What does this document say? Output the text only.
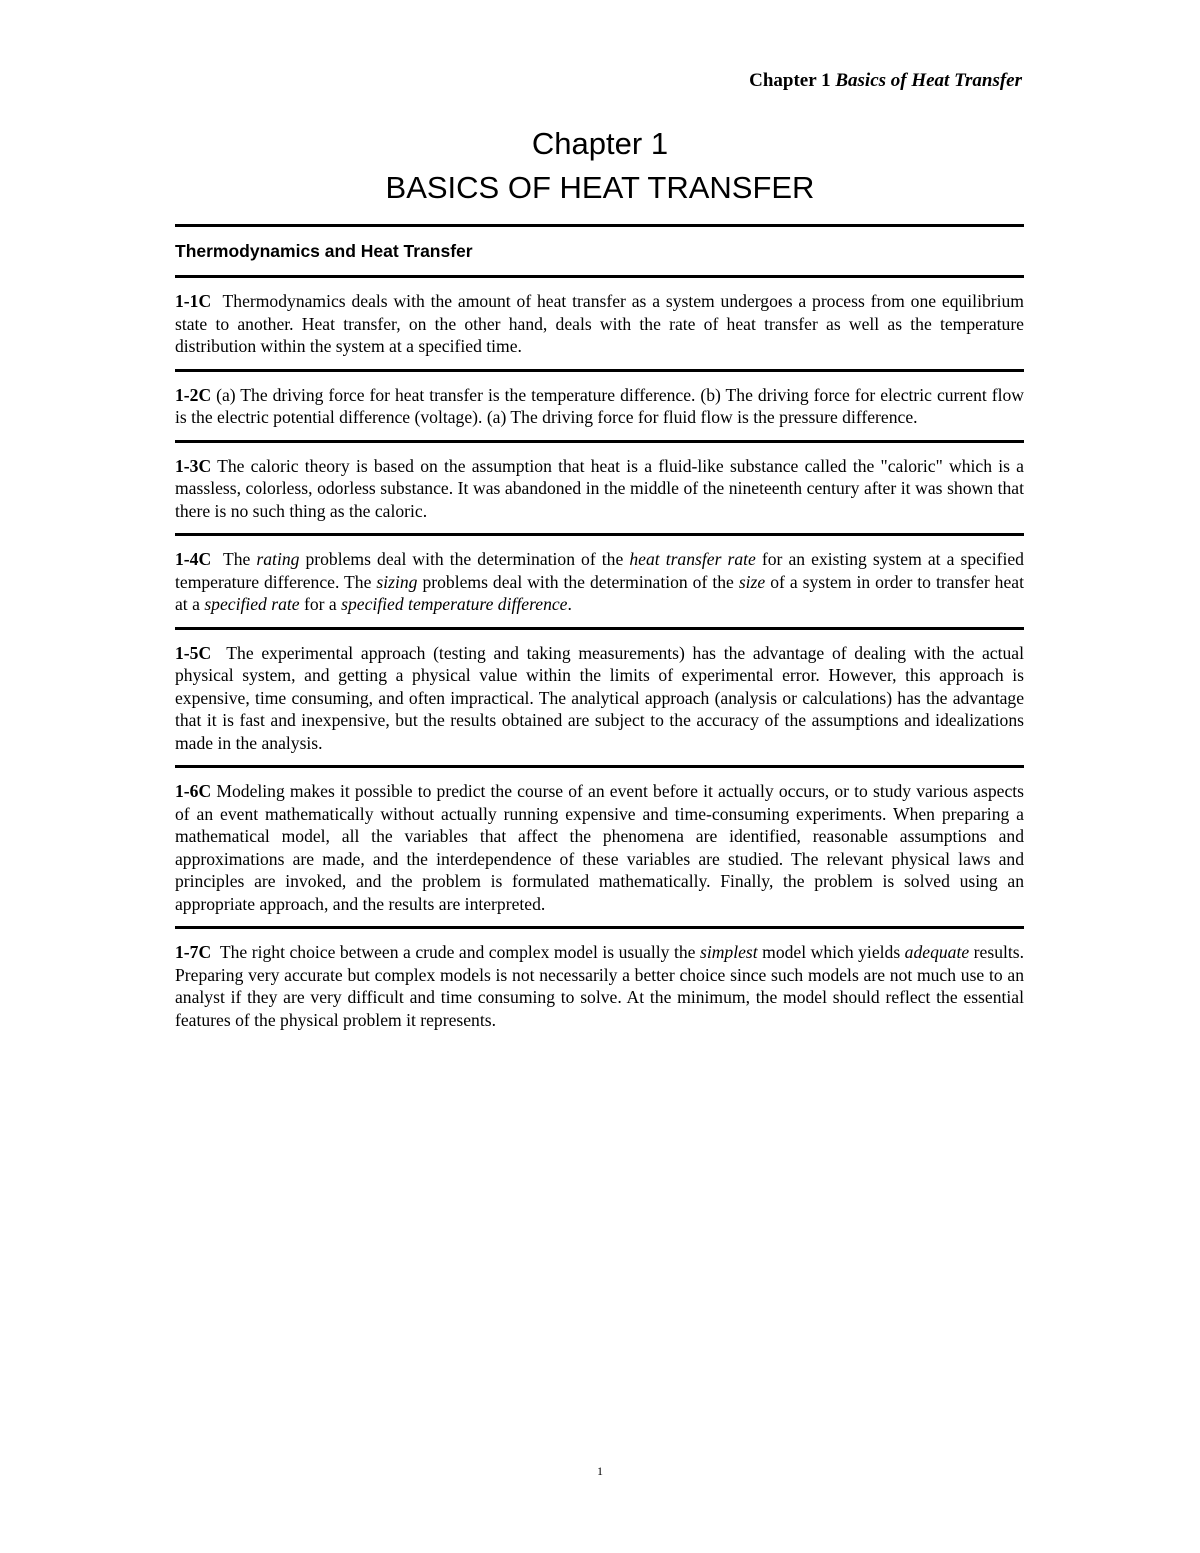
Chapter 1 Basics of Heat Transfer
Chapter 1
BASICS OF HEAT TRANSFER
Thermodynamics and Heat Transfer
1-1C Thermodynamics deals with the amount of heat transfer as a system undergoes a process from one equilibrium state to another. Heat transfer, on the other hand, deals with the rate of heat transfer as well as the temperature distribution within the system at a specified time.
1-2C (a) The driving force for heat transfer is the temperature difference. (b) The driving force for electric current flow is the electric potential difference (voltage). (a) The driving force for fluid flow is the pressure difference.
1-3C The caloric theory is based on the assumption that heat is a fluid-like substance called the "caloric" which is a massless, colorless, odorless substance. It was abandoned in the middle of the nineteenth century after it was shown that there is no such thing as the caloric.
1-4C The rating problems deal with the determination of the heat transfer rate for an existing system at a specified temperature difference. The sizing problems deal with the determination of the size of a system in order to transfer heat at a specified rate for a specified temperature difference.
1-5C The experimental approach (testing and taking measurements) has the advantage of dealing with the actual physical system, and getting a physical value within the limits of experimental error. However, this approach is expensive, time consuming, and often impractical. The analytical approach (analysis or calculations) has the advantage that it is fast and inexpensive, but the results obtained are subject to the accuracy of the assumptions and idealizations made in the analysis.
1-6C Modeling makes it possible to predict the course of an event before it actually occurs, or to study various aspects of an event mathematically without actually running expensive and time-consuming experiments. When preparing a mathematical model, all the variables that affect the phenomena are identified, reasonable assumptions and approximations are made, and the interdependence of these variables are studied. The relevant physical laws and principles are invoked, and the problem is formulated mathematically. Finally, the problem is solved using an appropriate approach, and the results are interpreted.
1-7C The right choice between a crude and complex model is usually the simplest model which yields adequate results. Preparing very accurate but complex models is not necessarily a better choice since such models are not much use to an analyst if they are very difficult and time consuming to solve. At the minimum, the model should reflect the essential features of the physical problem it represents.
1
